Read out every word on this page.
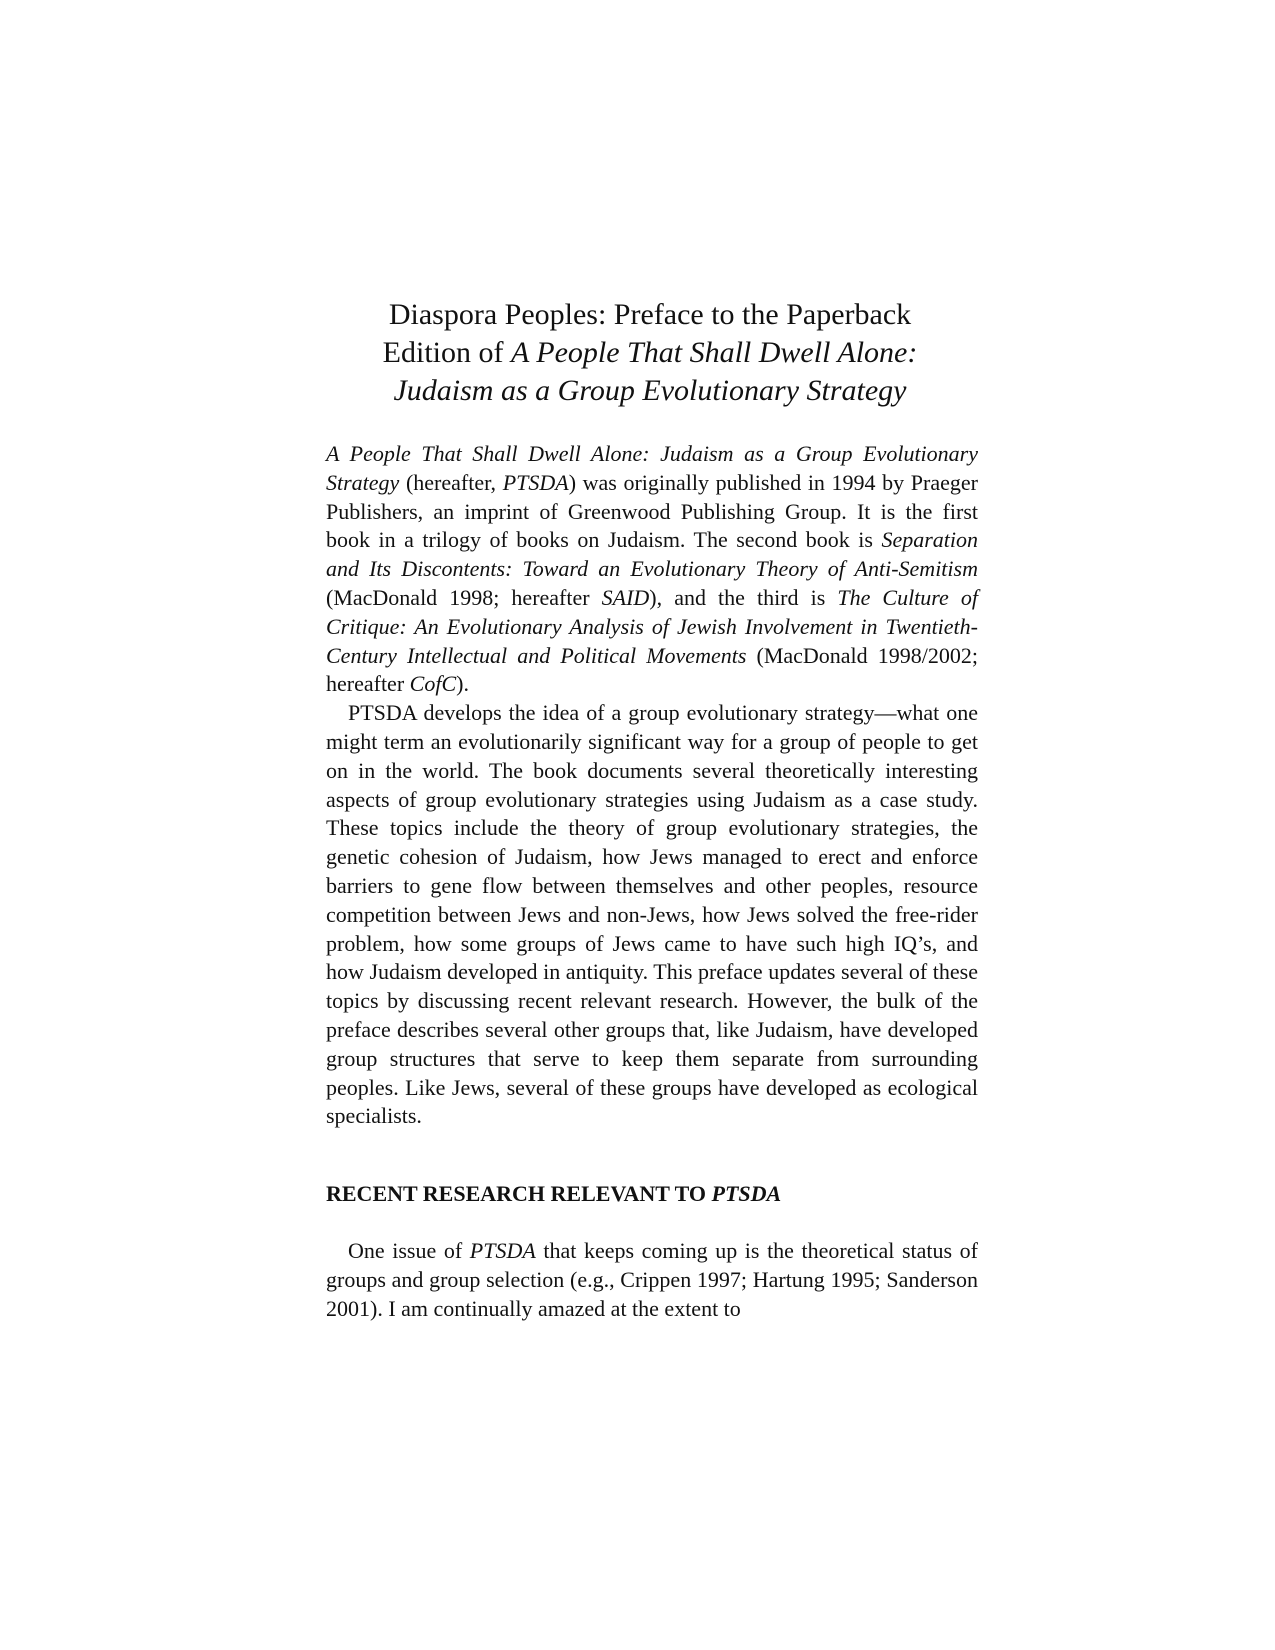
Diaspora Peoples: Preface to the Paperback
Edition of A People That Shall Dwell Alone:
Judaism as a Group Evolutionary Strategy

A People That Shall Dwell Alone: Judaism as a Group Evolutionary Strategy (hereafter, PTSDA) was originally published in 1994 by Praeger Publishers, an imprint of Greenwood Publishing Group. It is the first book in a trilogy of books on Judaism. The second book is Separation and Its Discontents: Toward an Evolutionary Theory of Anti-Semitism (MacDonald 1998; hereafter SAID), and the third is The Culture of Critique: An Evolutionary Analysis of Jewish Involvement in Twentieth-Century Intellectual and Political Movements (MacDonald 1998/2002; hereafter CofC).

PTSDA develops the idea of a group evolutionary strategy—what one might term an evolutionarily significant way for a group of people to get on in the world. The book documents several theoretically interesting aspects of group evolutionary strategies using Judaism as a case study. These topics include the theory of group evolutionary strategies, the genetic cohesion of Judaism, how Jews managed to erect and enforce barriers to gene flow between themselves and other peoples, resource competition between Jews and non-Jews, how Jews solved the free-rider problem, how some groups of Jews came to have such high IQ’s, and how Judaism developed in antiquity. This preface updates several of these topics by discussing recent relevant research. However, the bulk of the preface describes several other groups that, like Judaism, have developed group structures that serve to keep them separate from surrounding peoples. Like Jews, several of these groups have developed as ecological specialists.

RECENT RESEARCH RELEVANT TO PTSDA

One issue of PTSDA that keeps coming up is the theoretical status of groups and group selection (e.g., Crippen 1997; Hartung 1995; Sanderson 2001). I am continually amazed at the extent to
